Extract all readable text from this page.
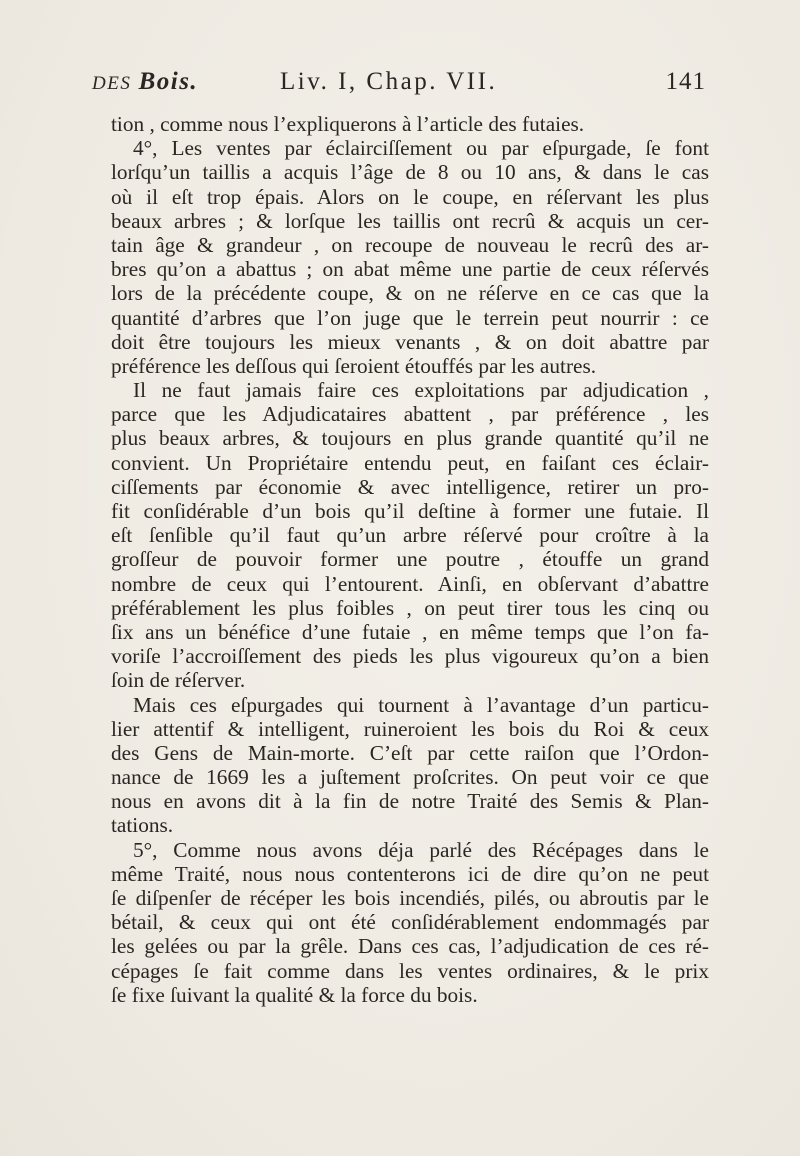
DES Bois.	Liv. I, Chap. VII.	141
tion , comme nous l’expliquerons à l’article des futaies.
4°, Les ventes par éclairciſſement ou par eſpurgade, ſe font
lorſqu’un taillis a acquis l’âge de 8 ou 10 ans, & dans le cas
où il eſt trop épais. Alors on le coupe, en réſervant les plus
beaux arbres ; & lorſque les taillis ont recrû & acquis un cer-
tain âge & grandeur , on recoupe de nouveau le recrû des ar-
bres qu’on a abattus ; on abat même une partie de ceux réſervés
lors de la précédente coupe, & on ne réſerve en ce cas que la
quantité d’arbres que l’on juge que le terrein peut nourrir : ce
doit être toujours les mieux venants , & on doit abattre par
préférence les deſſous qui ſeroient étouffés par les autres.
Il ne faut jamais faire ces exploitations par adjudication ,
parce que les Adjudicataires abattent , par préférence , les
plus beaux arbres, & toujours en plus grande quantité qu’il ne
convient. Un Propriétaire entendu peut, en faiſant ces éclair-
ciſſements par économie & avec intelligence, retirer un pro-
fit conſidérable d’un bois qu’il deſtine à former une futaie. Il
eſt ſenſible qu’il faut qu’un arbre réſervé pour croître à la
groſſeur de pouvoir former une poutre , étouffe un grand
nombre de ceux qui l’entourent. Ainſi, en obſervant d’abattre
préférablement les plus foibles , on peut tirer tous les cinq ou
ſix ans un bénéfice d’une futaie , en même temps que l’on fa-
voriſe l’accroiſſement des pieds les plus vigoureux qu’on a bien
ſoin de réſerver.
Mais ces eſpurgades qui tournent à l’avantage d’un particu-
lier attentif & intelligent, ruineroient les bois du Roi & ceux
des Gens de Main-morte. C’eſt par cette raiſon que l’Ordon-
nance de 1669 les a juſtement proſcrites. On peut voir ce que
nous en avons dit à la fin de notre Traité des Semis & Plan-
tations.
5°, Comme nous avons déja parlé des Récépages dans le
même Traité, nous nous contenterons ici de dire qu’on ne peut
ſe diſpenſer de récéper les bois incendiés, pilés, ou abroutis par le
bétail, & ceux qui ont été conſidérablement endommagés par
les gelées ou par la grêle. Dans ces cas, l’adjudication de ces ré-
cépages ſe fait comme dans les ventes ordinaires, & le prix
ſe fixe ſuivant la qualité & la force du bois.
